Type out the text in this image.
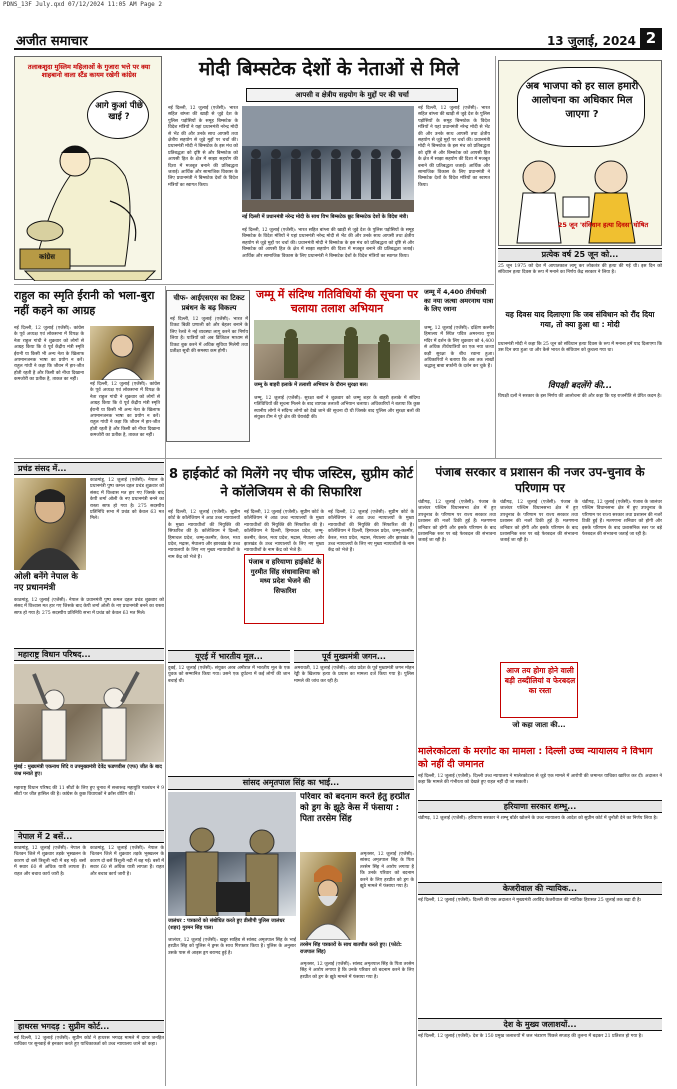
PDNS_13F July.qxd 07/12/2024 11:05 AM Page 2
अजीत समाचार	13 जुलाई, 2024 2
तलाकशुदा मुस्लिम महिलाओं के गुजारा भत्ते पर क्या शाहबानो वाला स्टैंड कायम रखेगी कांग्रेस
आगे कुआं पीछे खाई ?
कांग्रेस
मोदी बिम्सटेक देशों के नेताओं से मिले
आपसी व क्षेत्रीय सहयोग के मुद्दों पर की चर्चा
नई दिल्ली, 12 जुलाई (एजेंसी): भारत सहित बांग्ला की खाड़ी से जुड़े देश के पुलिस पड़ोसियों के समूह बिम्सटेक के विदेश मंत्रियों ने यहां प्रधानमंत्री नरेन्द्र मोदी से भेंट की और उनके साथ आपसी तथा क्षेत्रीय सहयोग से जुड़े मुद्दों पर चर्चा की। प्रधानमंत्री मोदी ने बिम्सटेक के इस मंच को प्रतिबद्धता को दृष्टि से और बिम्सटेक को आपसी हित के क्षेत्र में साझा सहयोग की दिशा में मजबूत बनाने की प्रतिबद्धता जताई। आर्थिक और सामाजिक विकास के लिए प्रधानमंत्री ने बिम्सटेक देशों के विदेश मंत्रियों का स्वागत किया।
नई दिल्ली में प्रधानमंत्री नरेन्द्र मोदी के साथ विभ बिम्सटेक छूट बिम्सटेक देशों के विदेश मंत्री।
नई दिल्ली, 12 जुलाई (एजेंसी): भारत सहित बांग्ला की खाड़ी से जुड़े देश के पुलिस पड़ोसियों के समूह बिम्सटेक के विदेश मंत्रियों ने यहां प्रधानमंत्री नरेन्द्र मोदी से भेंट की और उनके साथ आपसी तथा क्षेत्रीय सहयोग से जुड़े मुद्दों पर चर्चा की। प्रधानमंत्री मोदी ने बिम्सटेक के इस मंच को प्रतिबद्धता को दृष्टि से और बिम्सटेक को आपसी हित के क्षेत्र में साझा सहयोग की दिशा में मजबूत बनाने की प्रतिबद्धता जताई। आर्थिक और सामाजिक विकास के लिए प्रधानमंत्री ने बिम्सटेक देशों के विदेश मंत्रियों का स्वागत किया।
नई दिल्ली, 12 जुलाई (एजेंसी): भारत सहित बांग्ला की खाड़ी से जुड़े देश के पुलिस पड़ोसियों के समूह बिम्सटेक के विदेश मंत्रियों ने यहां प्रधानमंत्री नरेन्द्र मोदी से भेंट की और उनके साथ आपसी तथा क्षेत्रीय सहयोग से जुड़े मुद्दों पर चर्चा की। प्रधानमंत्री मोदी ने बिम्सटेक के इस मंच को प्रतिबद्धता को दृष्टि से और बिम्सटेक को आपसी हित के क्षेत्र में साझा सहयोग की दिशा में मजबूत बनाने की प्रतिबद्धता जताई। आर्थिक और सामाजिक विकास के लिए प्रधानमंत्री ने बिम्सटेक देशों के विदेश मंत्रियों का स्वागत किया।
अब भाजपा को हर साल हमारी आलोचना का अधिकार मिल जाएगा ?
25 जून 'संविधान हत्या दिवस' घोषित
प्रत्येक वर्ष 25 जून को...
25 जून 1975 को देश में आपातकाल लागू कर लोकतंत्र की हत्या की गई थी। इस दिन को संविधान हत्या दिवस के रूप में मनाने का निर्णय केंद्र सरकार ने लिया है।
यह दिवस याद दिलाएगा कि जब संविधान को रौंद दिया गया, तो क्या हुआ था : मोदी
प्रधानमंत्री मोदी ने कहा कि 25 जून को संविधान हत्या दिवस के रूप में मनाना हमें याद दिलाएगा कि उस दिन क्या हुआ था और कैसे भारत के संविधान को कुचला गया था।
विपक्षी बदलेंगे की...
विपक्षी दलों ने सरकार के इस निर्णय की आलोचना की और कहा कि यह राजनीति से प्रेरित कदम है।
राहुल का स्मृति ईरानी को भला-बुरा नहीं कहने का आग्रह
नई दिल्ली, 12 जुलाई (एजेंसी): कांग्रेस के पूर्व अध्यक्ष एवं लोकसभा में विपक्ष के नेता राहुल गांधी ने शुक्रवार को लोगों से आग्रह किया कि वे पूर्व केंद्रीय मंत्री स्मृति ईरानी या किसी भी अन्य नेता के खिलाफ अपमानजनक भाषा का प्रयोग न करें। राहुल गांधी ने कहा कि जीवन में हार-जीत होती रहती है और किसी को नीचा दिखाना कमजोरी का प्रतीक है, ताकत का नहीं।
नई दिल्ली, 12 जुलाई (एजेंसी): कांग्रेस के पूर्व अध्यक्ष एवं लोकसभा में विपक्ष के नेता राहुल गांधी ने शुक्रवार को लोगों से आग्रह किया कि वे पूर्व केंद्रीय मंत्री स्मृति ईरानी या किसी भी अन्य नेता के खिलाफ अपमानजनक भाषा का प्रयोग न करें। राहुल गांधी ने कहा कि जीवन में हार-जीत होती रहती है और किसी को नीचा दिखाना कमजोरी का प्रतीक है, ताकत का नहीं।
चीफ- आईएसएस का टिकट प्रबंधन के बढ़ विकल्प
नई दिल्ली, 12 जुलाई (एजेंसी): भारत में टिकट बिक्री प्रणाली को और बेहतर बनाने के लिए रेलवे ने नई व्यवस्था लागू करने का निर्णय लिया है। यात्रियों को अब डिजिटल माध्यम से टिकट बुक करने में अधिक सुविधा मिलेगी तथा प्रतीक्षा सूची की समस्या कम होगी।
जम्मू में संदिग्ध गतिविधियों की सूचना पर चलाया तलाश अभियान
जम्मू के बाहरी इलाके में तलाशी अभियान के दौरान सुरक्षा बल।
जम्मू, 12 जुलाई (एजेंसी): सुरक्षा बलों ने शुक्रवार को जम्मू शहर के बाहरी इलाके में संदिग्ध गतिविधियों की सूचना मिलने के बाद व्यापक तलाशी अभियान चलाया। अधिकारियों ने बताया कि कुछ स्थानीय लोगों ने संदिग्ध लोगों को देखे जाने की सूचना दी थी जिसके बाद पुलिस और सुरक्षा बलों की संयुक्त टीम ने पूरे क्षेत्र की घेराबंदी की।
जम्मू में 4,400 तीर्थयात्री का नया जत्था अमरनाथ यात्रा के लिए रवाना
जम्मू, 12 जुलाई (एजेंसी): दक्षिण कश्मीर हिमालय में स्थित पवित्र अमरनाथ गुफा मंदिर में दर्शन के लिए शुक्रवार को 4,400 से अधिक तीर्थयात्रियों का एक नया जत्था कड़ी सुरक्षा के बीच रवाना हुआ। अधिकारियों ने बताया कि अब तक लाखों श्रद्धालु बाबा बर्फानी के दर्शन कर चुके हैं।
प्रचंड संसद में...
ओली बनेंगे नेपाल के नए प्रधानमंत्री
काठमांडू, 12 जुलाई (एजेंसी): नेपाल के प्रधानमंत्री पुष्प कमल दहल प्रचंड शुक्रवार को संसद में विश्वास मत हार गए जिसके बाद केपी शर्मा ओली के नए प्रधानमंत्री बनने का रास्ता साफ हो गया है। 275 सदस्यीय प्रतिनिधि सभा में प्रचंड को केवल 63 मत मिले।
काठमांडू, 12 जुलाई (एजेंसी): नेपाल के प्रधानमंत्री पुष्प कमल दहल प्रचंड शुक्रवार को संसद में विश्वास मत हार गए जिसके बाद केपी शर्मा ओली के नए प्रधानमंत्री बनने का रास्ता साफ हो गया है। 275 सदस्यीय प्रतिनिधि सभा में प्रचंड को केवल 63 मत मिले।
8 हाईकोर्ट को मिलेंगे नए चीफ जस्टिस, सुप्रीम कोर्ट ने कॉलेजियम से की सिफारिश
नई दिल्ली, 12 जुलाई (एजेंसी): सुप्रीम कोर्ट के कॉलेजियम ने आठ उच्च न्यायालयों के मुख्य न्यायाधीशों की नियुक्ति की सिफारिश की है। कॉलेजियम ने दिल्ली, हिमाचल प्रदेश, जम्मू-कश्मीर, केरल, मध्य प्रदेश, मद्रास, मेघालय और झारखंड के उच्च न्यायालयों के लिए नए मुख्य न्यायाधीशों के नाम केंद्र को भेजे हैं।
पंजाब व हरियाणा हाईकोर्ट के गुरमीत सिंह संधावालिया को मध्य प्रदेश भेजने की सिफारिश
नई दिल्ली, 12 जुलाई (एजेंसी): सुप्रीम कोर्ट के कॉलेजियम ने आठ उच्च न्यायालयों के मुख्य न्यायाधीशों की नियुक्ति की सिफारिश की है। कॉलेजियम ने दिल्ली, हिमाचल प्रदेश, जम्मू-कश्मीर, केरल, मध्य प्रदेश, मद्रास, मेघालय और झारखंड के उच्च न्यायालयों के लिए नए मुख्य न्यायाधीशों के नाम केंद्र को भेजे हैं।
नई दिल्ली, 12 जुलाई (एजेंसी): सुप्रीम कोर्ट के कॉलेजियम ने आठ उच्च न्यायालयों के मुख्य न्यायाधीशों की नियुक्ति की सिफारिश की है। कॉलेजियम ने दिल्ली, हिमाचल प्रदेश, जम्मू-कश्मीर, केरल, मध्य प्रदेश, मद्रास, मेघालय और झारखंड के उच्च न्यायालयों के लिए नए मुख्य न्यायाधीशों के नाम केंद्र को भेजे हैं।
पंजाब सरकार व प्रशासन की नजर उप-चुनाव के परिणाम पर
चंडीगढ़, 12 जुलाई (एजेंसी): पंजाब के जालंधर पश्चिम विधानसभा क्षेत्र में हुए उपचुनाव के परिणाम पर राज्य सरकार तथा प्रशासन की नजरें टिकी हुई हैं। मतगणना शनिवार को होगी और इसके परिणाम के बाद प्रशासनिक स्तर पर बड़े फेरबदल की संभावना जताई जा रही है।
चंडीगढ़, 12 जुलाई (एजेंसी): पंजाब के जालंधर पश्चिम विधानसभा क्षेत्र में हुए उपचुनाव के परिणाम पर राज्य सरकार तथा प्रशासन की नजरें टिकी हुई हैं। मतगणना शनिवार को होगी और इसके परिणाम के बाद प्रशासनिक स्तर पर बड़े फेरबदल की संभावना जताई जा रही है।
आज तय होगा होने वाली बड़ी तब्दीलियां व फेरबदल का रस्ता
जो कहा जाता की...
चंडीगढ़, 12 जुलाई (एजेंसी): पंजाब के जालंधर पश्चिम विधानसभा क्षेत्र में हुए उपचुनाव के परिणाम पर राज्य सरकार तथा प्रशासन की नजरें टिकी हुई हैं। मतगणना शनिवार को होगी और इसके परिणाम के बाद प्रशासनिक स्तर पर बड़े फेरबदल की संभावना जताई जा रही है।
महाराष्ट्र विधान परिषद...
मुंबई : मुख्यमंत्री एकनाथ शिंदे व उपमुख्यमंत्री देवेंद्र फडणवीस (एफ) जीत के बाद जश्न मनाते हुए।
महाराष्ट्र विधान परिषद की 11 सीटों के लिए हुए चुनाव में सत्तारूढ़ महायुति गठबंधन ने 9 सीटों पर जीत हासिल की है। कांग्रेस के कुछ विधायकों ने क्रॉस वोटिंग की।
यूएई में भारतीय मूल...
दुबई, 12 जुलाई (एजेंसी): संयुक्त अरब अमीरात में भारतीय मूल के एक युवक को सम्मानित किया गया। उसने एक दुर्घटना में कई लोगों की जान बचाई थी।
पूर्व मुख्यमंत्री जगन...
अमरावती, 12 जुलाई (एजेंसी): आंध्र प्रदेश के पूर्व मुख्यमंत्री जगन मोहन रेड्डी के खिलाफ हत्या के प्रयास का मामला दर्ज किया गया है। पुलिस मामले की जांच कर रही है।
मालेरकोटला के मरगोट का मामला : दिल्ली उच्च न्यायालय ने विभाग को नहीं दी जमानत
नई दिल्ली, 12 जुलाई (एजेंसी): दिल्ली उच्च न्यायालय ने मालेरकोटला से जुड़े एक मामले में आरोपी की जमानत याचिका खारिज कर दी। अदालत ने कहा कि मामले की गंभीरता को देखते हुए राहत नहीं दी जा सकती।
सांसद अमृतपाल सिंह का भाई...
नेपाल में 2 बसें...
काठमांडू, 12 जुलाई (एजेंसी): नेपाल के चितवन जिले में शुक्रवार तड़के भूस्खलन के कारण दो बसें त्रिशूली नदी में बह गईं। बसों में सवार 60 से अधिक यात्री लापता हैं। राहत और बचाव कार्य जारी है।
काठमांडू, 12 जुलाई (एजेंसी): नेपाल के चितवन जिले में शुक्रवार तड़के भूस्खलन के कारण दो बसें त्रिशूली नदी में बह गईं। बसों में सवार 60 से अधिक यात्री लापता हैं। राहत और बचाव कार्य जारी है।
हाथरस भगदड़ : सुप्रीम कोर्ट...
नई दिल्ली, 12 जुलाई (एजेंसी): सुप्रीम कोर्ट ने हाथरस भगदड़ मामले में दायर जनहित याचिका पर सुनवाई से इनकार करते हुए याचिकाकर्ता को उच्च न्यायालय जाने को कहा।
जालंधर : पत्रकारों को संबोधित करते हुए डीसीपी पुलिस जालंधर (शहर) गुरमन सिंह पाल।
जालंधर, 12 जुलाई (एजेंसी): खडूर साहिब से सांसद अमृतपाल सिंह के भाई हरप्रीत सिंह को पुलिस ने ड्रग्स के साथ गिरफ्तार किया है। पुलिस के अनुसार उसके पास से आइस ड्रग बरामद हुई है।
परिवार को बदनाम करने हेतु हरप्रीत को ड्रग के झूठे केस में फंसाया : पिता तरसेम सिंह
तरसेम सिंह पत्रकारों के साथ बातचीत करते हुए। (फोटो: राजपाल सिंह)
अमृतसर, 12 जुलाई (एजेंसी): सांसद अमृतपाल सिंह के पिता तरसेम सिंह ने आरोप लगाया है कि उनके परिवार को बदनाम करने के लिए हरप्रीत को ड्रग के झूठे मामले में फंसाया गया है।
अमृतसर, 12 जुलाई (एजेंसी): सांसद अमृतपाल सिंह के पिता तरसेम सिंह ने आरोप लगाया है कि उनके परिवार को बदनाम करने के लिए हरप्रीत को ड्रग के झूठे मामले में फंसाया गया है।
हरियाणा सरकार शम्भू...
चंडीगढ़, 12 जुलाई (एजेंसी): हरियाणा सरकार ने शम्भू बॉर्डर खोलने के उच्च न्यायालय के आदेश को सुप्रीम कोर्ट में चुनौती देने का निर्णय लिया है।
केजरीवाल की न्यायिक...
नई दिल्ली, 12 जुलाई (एजेंसी): दिल्ली की एक अदालत ने मुख्यमंत्री अरविंद केजरीवाल की न्यायिक हिरासत 25 जुलाई तक बढ़ा दी है।
देश के मुख्य जलाशयों...
नई दिल्ली, 12 जुलाई (एजेंसी): देश के 150 प्रमुख जलाशयों में जल भंडारण पिछले सप्ताह की तुलना में बढ़कर 21 प्रतिशत हो गया है।
